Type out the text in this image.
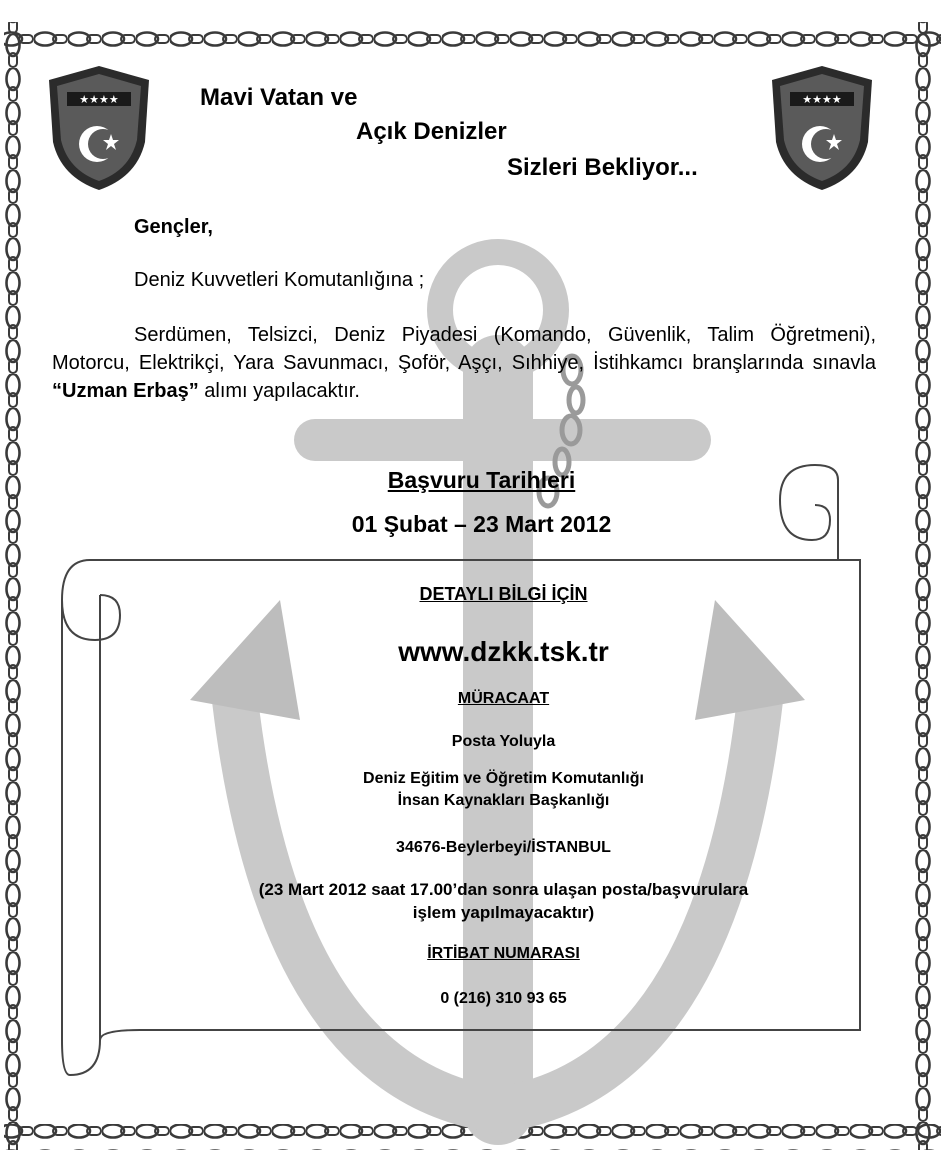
★★★★	★★★★
Mavi Vatan ve
Açık Denizler
Sizleri Bekliyor...
Gençler,
Deniz Kuvvetleri Komutanlığına ;
Serdümen, Telsizci, Deniz Piyadesi (Komando, Güvenlik, Talim Öğretmeni), Motorcu, Elektrikçi, Yara Savunmacı, Şoför, Aşçı, Sıhhiye, İstihkamcı branşlarında sınavla “Uzman Erbaş” alımı yapılacaktır.
Başvuru Tarihleri
01 Şubat – 23 Mart 2012
DETAYLI BİLGİ İÇİN
www.dzkk.tsk.tr
MÜRACAAT
Posta Yoluyla
Deniz Eğitim ve Öğretim Komutanlığı
İnsan Kaynakları Başkanlığı
34676-Beylerbeyi/İSTANBUL
(23 Mart 2012 saat 17.00’dan sonra ulaşan posta/başvurulara
işlem yapılmayacaktır)
İRTİBAT NUMARASI
0 (216) 310 93 65
